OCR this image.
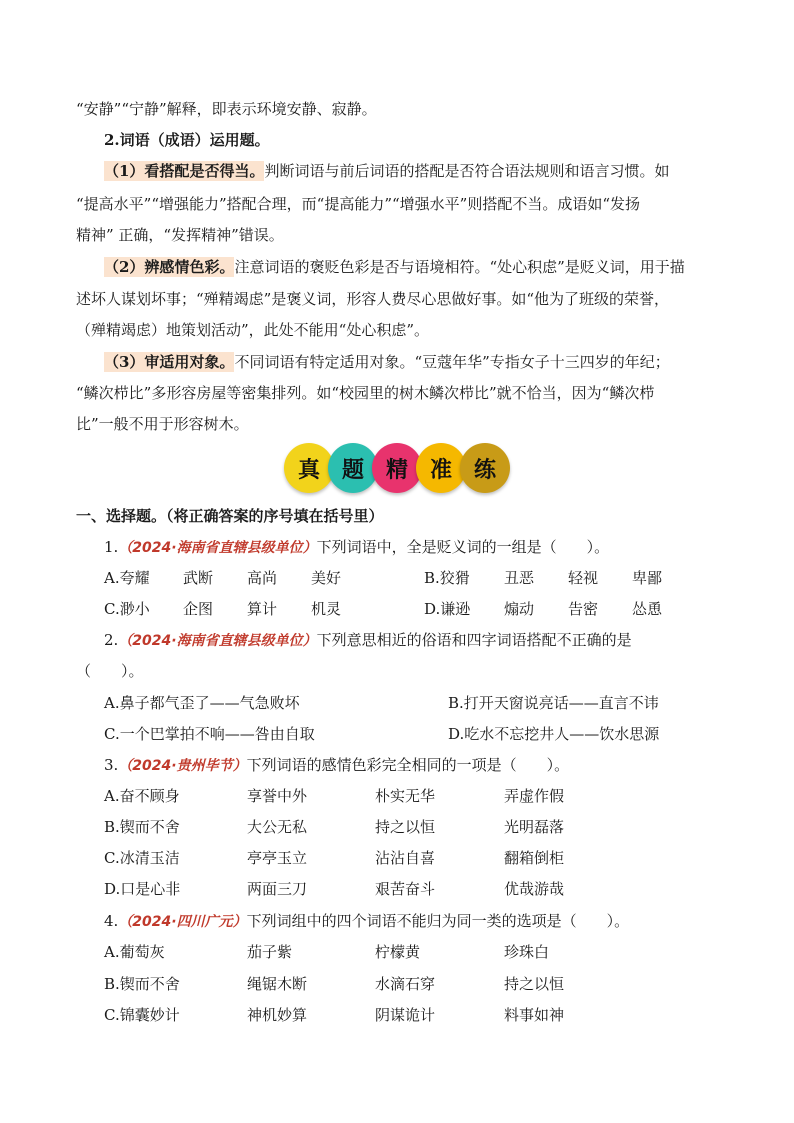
“安静”“宁静”解释，即表示环境安静、寂静。
2.词语（成语）运用题。
（1）看搭配是否得当。判断词语与前后词语的搭配是否符合语法规则和语言习惯。如
“提高水平”“增强能力”搭配合理，而“提高能力”“增强水平”则搭配不当。成语如“发扬
精神” 正确，“发挥精神”错误。
（2）辨感情色彩。注意词语的褒贬色彩是否与语境相符。“处心积虑”是贬义词，用于描
述坏人谋划坏事；“殚精竭虑”是褒义词，形容人费尽心思做好事。如“他为了班级的荣誉，
（殚精竭虑）地策划活动”，此处不能用“处心积虑”。
（3）审适用对象。不同词语有特定适用对象。“豆蔻年华”专指女子十三四岁的年纪；
“鳞次栉比”多形容房屋等密集排列。如“校园里的树木鳞次栉比”就不恰当，因为“鳞次栉
比”一般不用于形容树木。
真 题 精 准 练
一、选择题。（将正确答案的序号填在括号里）
1.（2024·海南省直辖县级单位）下列词语中，全是贬义词的一组是（　　）。
A.夸耀 武断 高尚 美好	B.狡猾 丑恶 轻视 卑鄙
C.渺小 企图 算计 机灵	D.谦逊 煽动 告密 怂恿
2.（2024·海南省直辖县级单位）下列意思相近的俗语和四字词语搭配不正确的是
（　　）。
A.鼻子都气歪了——气急败坏	B.打开天窗说亮话——直言不讳
C.一个巴掌拍不响——咎由自取	D.吃水不忘挖井人——饮水思源
3.（2024·贵州毕节）下列词语的感情色彩完全相同的一项是（　　）。
A.奋不顾身	享誉中外	朴实无华	弄虚作假
B.锲而不舍	大公无私	持之以恒	光明磊落
C.冰清玉洁	亭亭玉立	沾沾自喜	翻箱倒柜
D.口是心非	两面三刀	艰苦奋斗	优哉游哉
4.（2024·四川广元）下列词组中的四个词语不能归为同一类的选项是（　　）。
A.葡萄灰	茄子紫	柠檬黄	珍珠白
B.锲而不舍	绳锯木断	水滴石穿	持之以恒
C.锦囊妙计	神机妙算	阴谋诡计	料事如神
